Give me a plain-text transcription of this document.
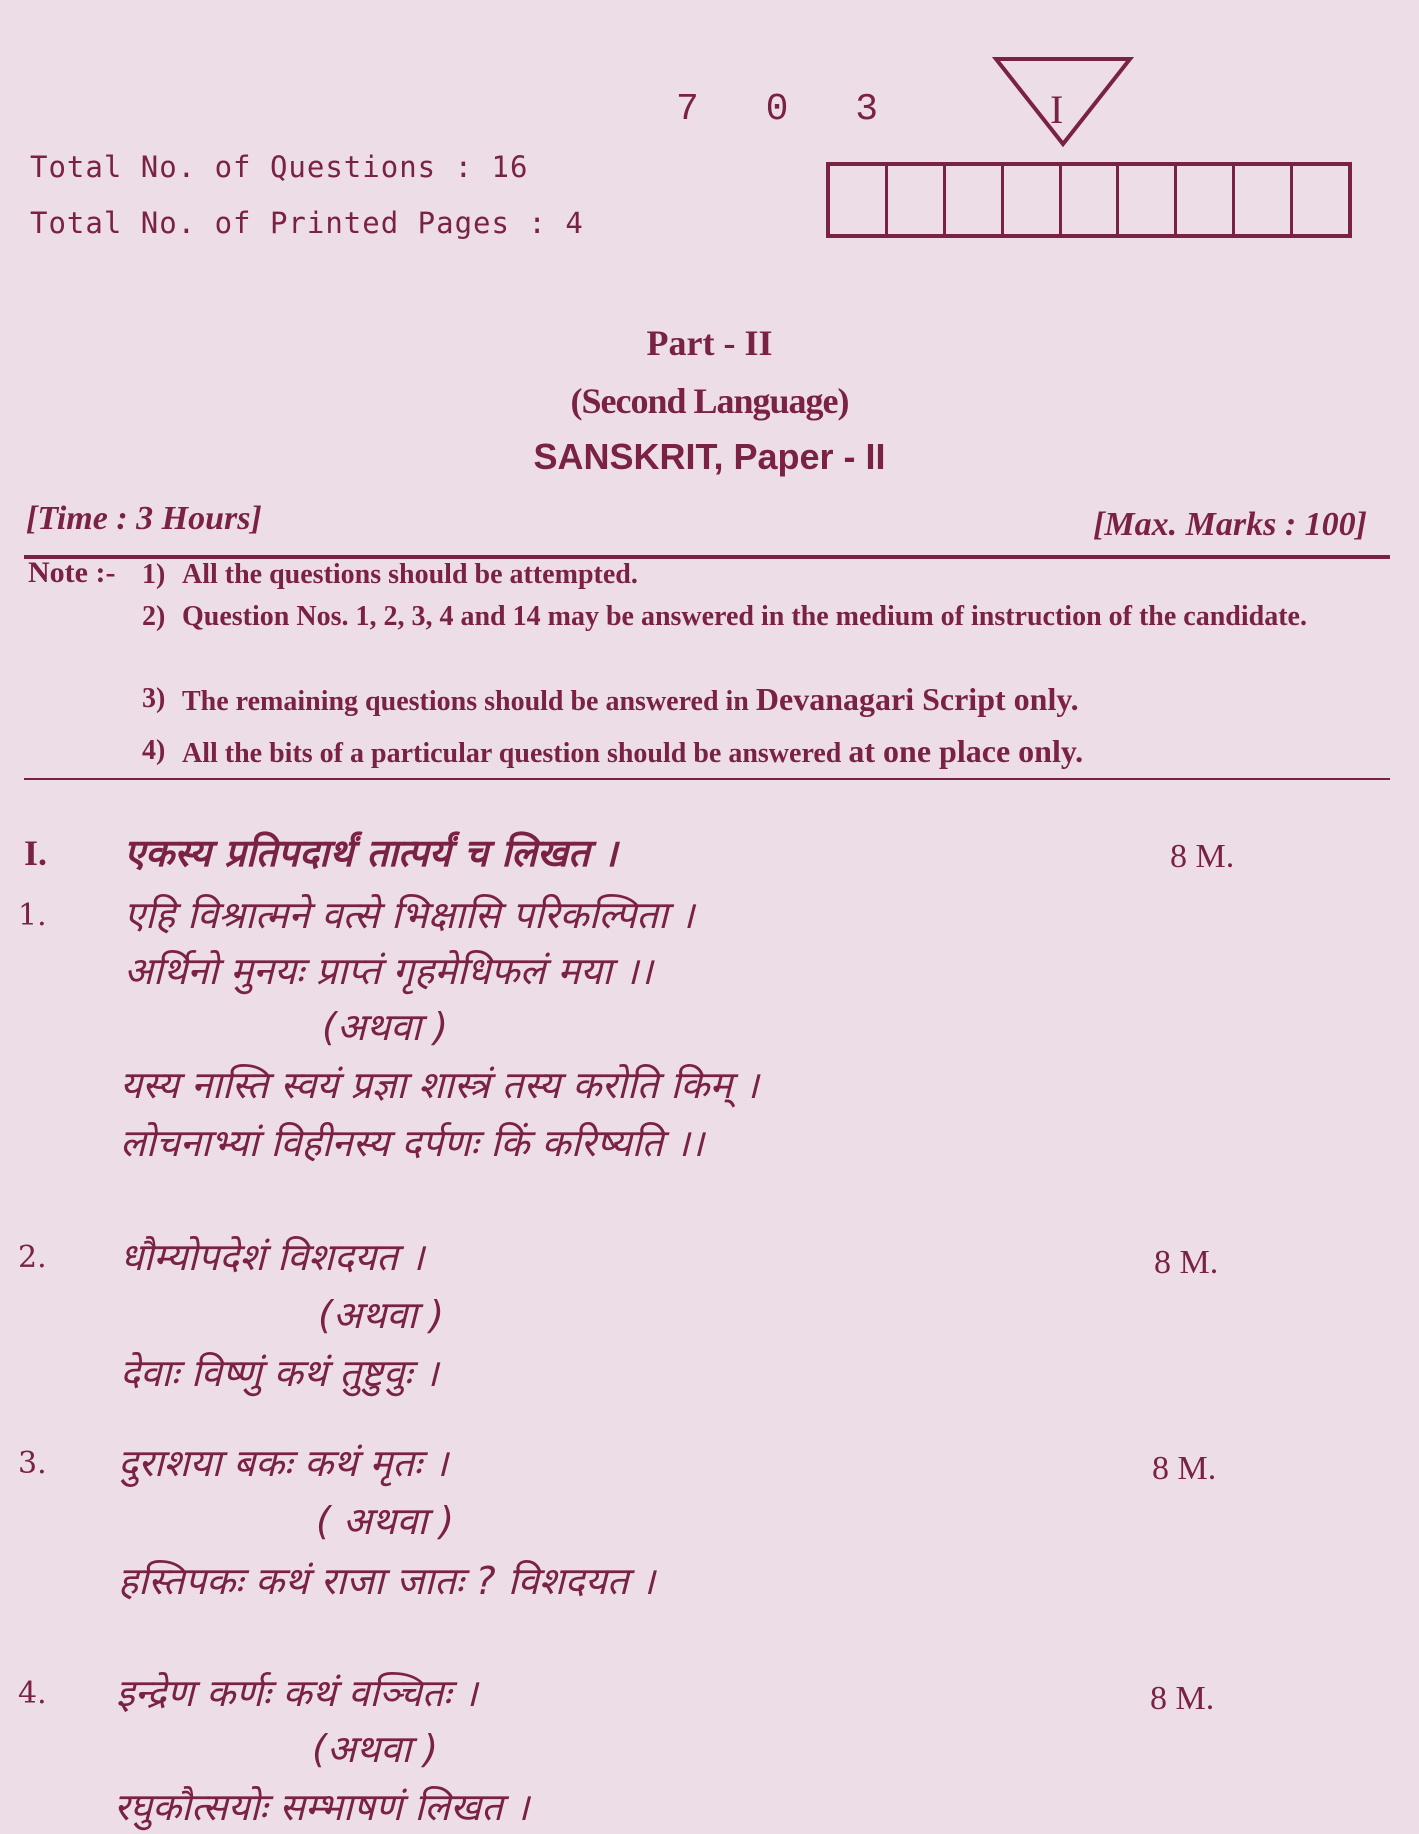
7 0 3	I
Total No. of Questions : 16
Total No. of Printed Pages : 4
Part - II
(Second Language)
SANSKRIT, Paper - II
[Time : 3 Hours]	[Max. Marks : 100]
Note :- 1) All the questions should be attempted.
2) Question Nos. 1, 2, 3, 4 and 14 may be answered in the medium of instruction of the candidate.
3) The remaining questions should be answered in Devanagari Script only.
4) All the bits of a particular question should be answered at one place only.
I. एकस्य प्रतिपदार्थं तात्पर्यं च लिखत ।	8 M.
1. एहि विश्रात्मने वत्से भिक्षासि परिकल्पिता ।
अर्थिनो मुनयः प्राप्तं गृहमेधिफलं मया ।।
(अथवा )
यस्य नास्ति स्वयं प्रज्ञा शास्त्रं तस्य करोति किम् ।
लोचनाभ्यां विहीनस्य दर्पणः किं करिष्यति ।।
2. धौम्योपदेशं विशदयत ।	8 M.
(अथवा )
देवाः विष्णुं कथं तुष्टुवुः ।
3. दुराशया बकः कथं मृतः ।	8 M.
( अथवा )
हस्तिपकः कथं राजा जातः ? विशदयत ।
4. इन्द्रेण कर्णः कथं वञ्चितः ।	8 M.
(अथवा )
रघुकौत्सयोः सम्भाषणं लिखत ।
